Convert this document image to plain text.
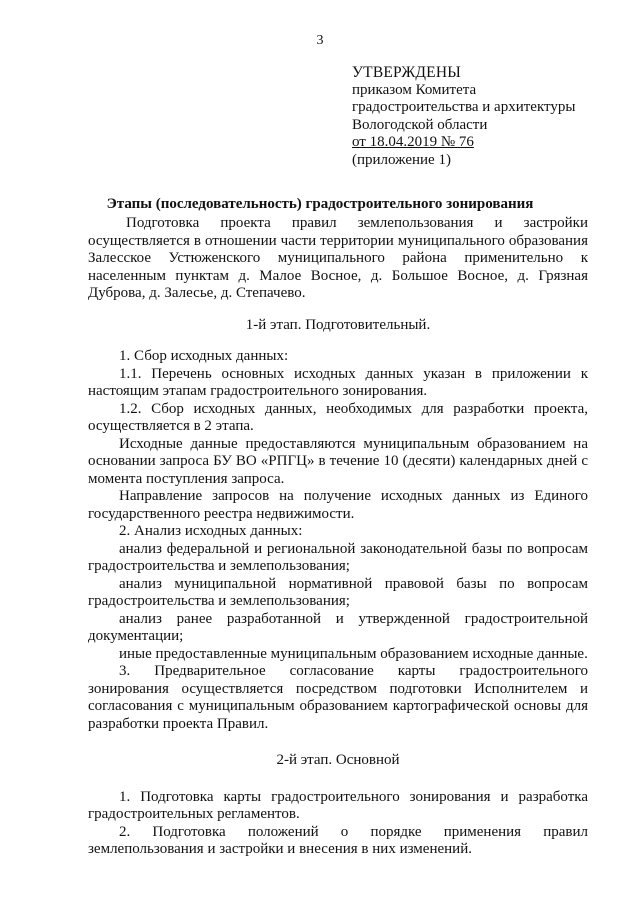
3
УТВЕРЖДЕНЫ
приказом Комитета
градостроительства и архитектуры
Вологодской области
от 18.04.2019 № 76
(приложение 1)
Этапы (последовательность) градостроительного зонирования

Подготовка проекта правил землепользования и застройки осуществляется в отношении части территории муниципального образования Залесское Устюженского муниципального района применительно к населенным пунктам д. Малое Восное, д. Большое Восное, д. Грязная Дуброва, д. Залесье, д. Степачево.

1-й этап. Подготовительный.

1. Сбор исходных данных:

1.1. Перечень основных исходных данных указан в приложении к настоящим этапам градостроительного зонирования.

1.2. Сбор исходных данных, необходимых для разработки проекта, осуществляется в 2 этапа.

Исходные данные предоставляются муниципальным образованием на основании запроса БУ ВО «РПГЦ» в течение 10 (десяти) календарных дней с момента поступления запроса.

Направление запросов на получение исходных данных из Единого государственного реестра недвижимости.

2. Анализ исходных данных:

анализ федеральной и региональной законодательной базы по вопросам градостроительства и землепользования;

анализ муниципальной нормативной правовой базы по вопросам градостроительства и землепользования;

анализ ранее разработанной и утвержденной градостроительной документации;

иные предоставленные муниципальным образованием исходные данные.

3. Предварительное согласование карты градостроительного зонирования осуществляется посредством подготовки Исполнителем и согласования с муниципальным образованием картографической основы для разработки проекта Правил.

2-й этап. Основной

1. Подготовка карты градостроительного зонирования и разработка градостроительных регламентов.

2. Подготовка положений о порядке применения правил землепользования и застройки и внесения в них изменений.
